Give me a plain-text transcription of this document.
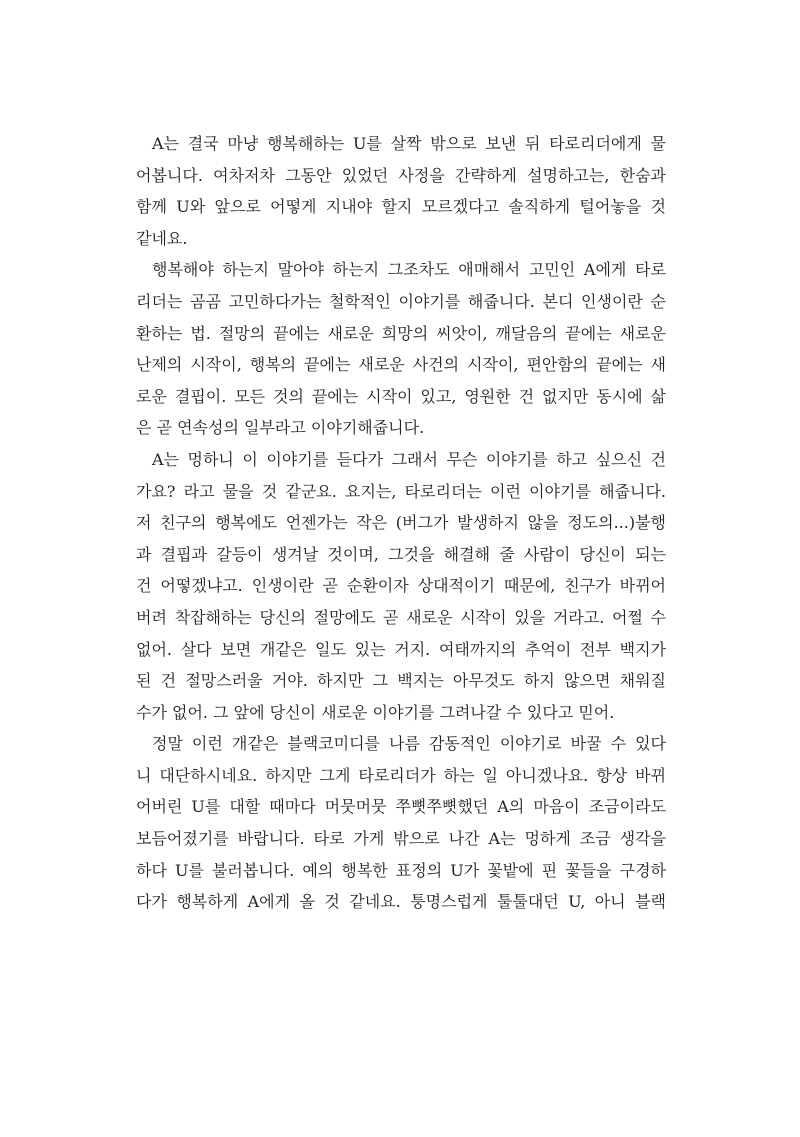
A는 결국 마냥 행복해하는 U를 살짝 밖으로 보낸 뒤 타로리더에게 물
어봅니다. 여차저차 그동안 있었던 사정을 간략하게 설명하고는, 한숨과
함께 U와 앞으로 어떻게 지내야 할지 모르겠다고 솔직하게 털어놓을 것
같네요.
행복해야 하는지 말아야 하는지 그조차도 애매해서 고민인 A에게 타로
리더는 곰곰 고민하다가는 철학적인 이야기를 해줍니다. 본디 인생이란 순
환하는 법. 절망의 끝에는 새로운 희망의 씨앗이, 깨달음의 끝에는 새로운
난제의 시작이, 행복의 끝에는 새로운 사건의 시작이, 편안함의 끝에는 새
로운 결핍이. 모든 것의 끝에는 시작이 있고, 영원한 건 없지만 동시에 삶
은 곧 연속성의 일부라고 이야기해줍니다.
A는 멍하니 이 이야기를 듣다가 그래서 무슨 이야기를 하고 싶으신 건
가요? 라고 물을 것 같군요. 요지는, 타로리더는 이런 이야기를 해줍니다.
저 친구의 행복에도 언젠가는 작은 (버그가 발생하지 않을 정도의...)불행
과 결핍과 갈등이 생겨날 것이며, 그것을 해결해 줄 사람이 당신이 되는
건 어떻겠냐고. 인생이란 곧 순환이자 상대적이기 때문에, 친구가 바뀌어
버려 착잡해하는 당신의 절망에도 곧 새로운 시작이 있을 거라고. 어쩔 수
없어. 살다 보면 개같은 일도 있는 거지. 여태까지의 추억이 전부 백지가
된 건 절망스러울 거야. 하지만 그 백지는 아무것도 하지 않으면 채워질
수가 없어. 그 앞에 당신이 새로운 이야기를 그려나갈 수 있다고 믿어.
정말 이런 개같은 블랙코미디를 나름 감동적인 이야기로 바꿀 수 있다
니 대단하시네요. 하지만 그게 타로리더가 하는 일 아니겠나요. 항상 바뀌
어버린 U를 대할 때마다 머뭇머뭇 쭈뼛쭈뼛했던 A의 마음이 조금이라도
보듬어졌기를 바랍니다. 타로 가게 밖으로 나간 A는 멍하게 조금 생각을
하다 U를 불러봅니다. 예의 행복한 표정의 U가 꽃밭에 핀 꽃들을 구경하
다가 행복하게 A에게 올 것 같네요. 퉁명스럽게 툴툴대던 U, 아니 블랙
